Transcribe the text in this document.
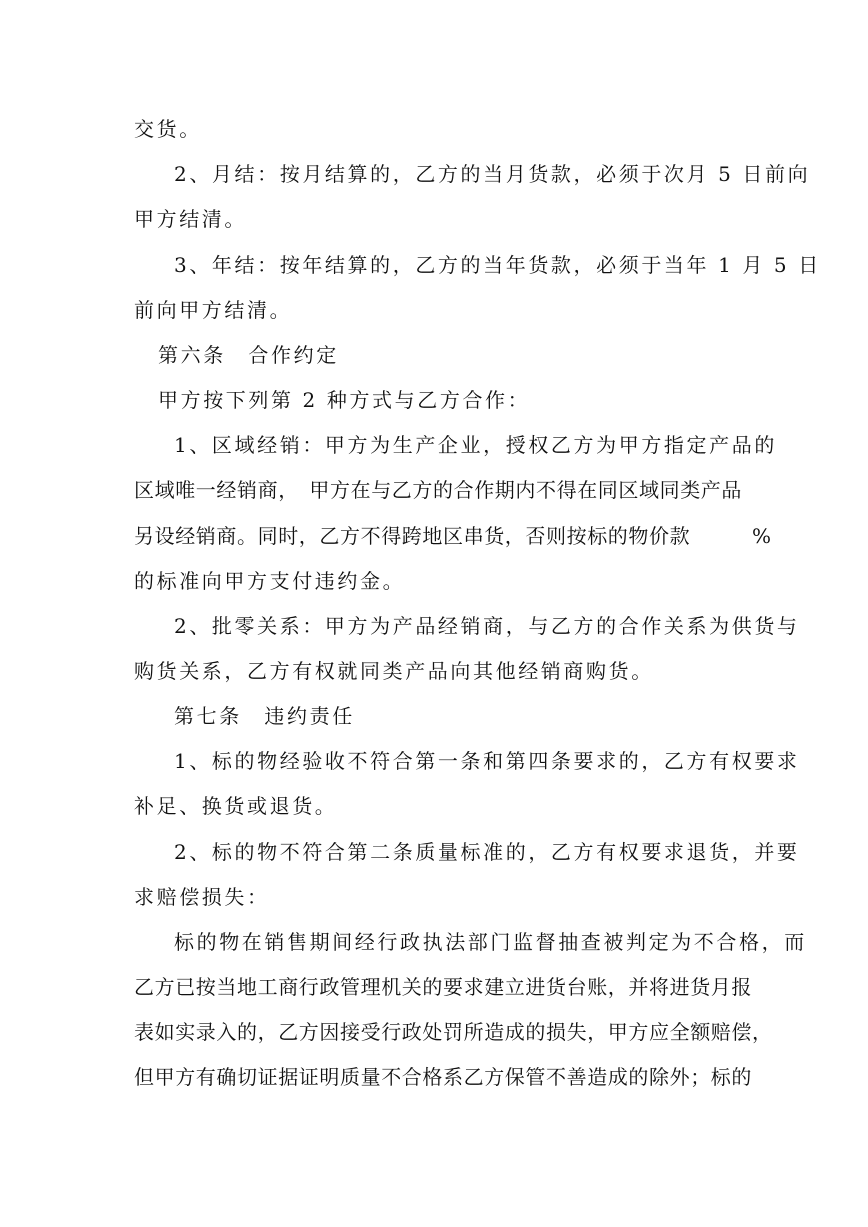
交货。
2、月结：按月结算的，乙方的当月货款，必须于次月 5 日前向
甲方结清。
3、年结：按年结算的，乙方的当年货款，必须于当年 1 月 5 日
前向甲方结清。
第六条　合作约定
甲方按下列第 2 种方式与乙方合作：
1、区域经销：甲方为生产企业，授权乙方为甲方指定产品的
区域唯一经销商，　甲方在与乙方的合作期内不得在同区域同类产品
另设经销商。同时，乙方不得跨地区串货，否则按标的物价款　　　%
的标准向甲方支付违约金。
2、批零关系：甲方为产品经销商，与乙方的合作关系为供货与
购货关系，乙方有权就同类产品向其他经销商购货。
第七条　违约责任
1、标的物经验收不符合第一条和第四条要求的，乙方有权要求
补足、换货或退货。
2、标的物不符合第二条质量标准的，乙方有权要求退货，并要
求赔偿损失：
标的物在销售期间经行政执法部门监督抽查被判定为不合格，而
乙方已按当地工商行政管理机关的要求建立进货台账，并将进货月报
表如实录入的，乙方因接受行政处罚所造成的损失，甲方应全额赔偿，
但甲方有确切证据证明质量不合格系乙方保管不善造成的除外；标的
